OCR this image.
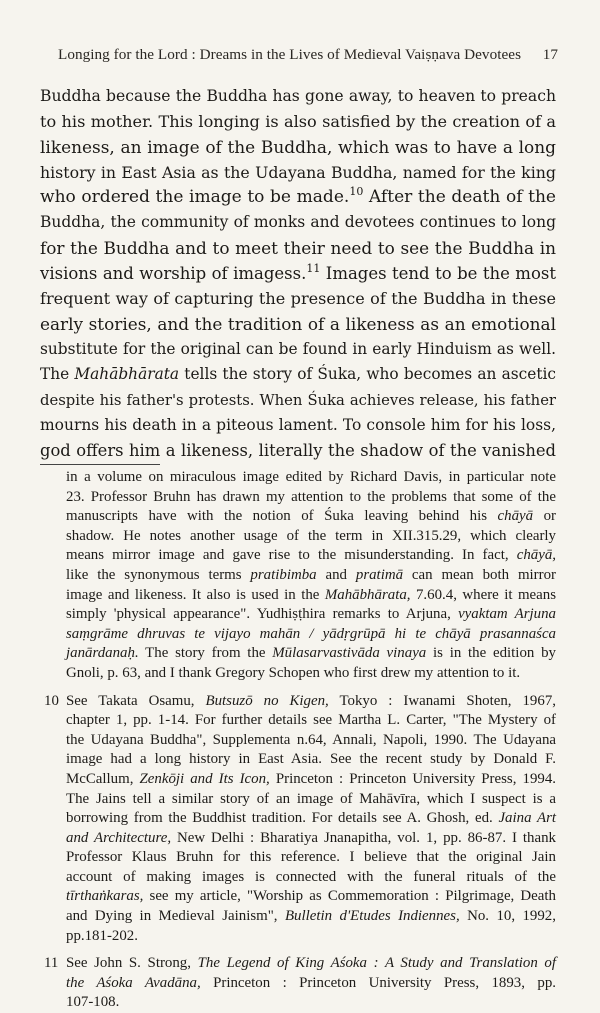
Longing for the Lord : Dreams in the Lives of Medieval Vaiṣṇava Devotees 17
Buddha because the Buddha has gone away, to heaven to preach
to his mother. This longing is also satisfied by the creation of a
likeness, an image of the Buddha, which was to have a long
history in East Asia as the Udayana Buddha, named for the king
who ordered the image to be made.$^{10}$ After the death of the
Buddha, the community of monks and devotees continues to long
for the Buddha and to meet their need to see the Buddha in
visions and worship of imagess.$^{11}$ Images tend to be the most
frequent way of capturing the presence of the Buddha in these
early stories, and the tradition of a likeness as an emotional
substitute for the original can be found in early Hinduism as well.
The Mahābhārata tells the story of Śuka, who becomes an ascetic
despite his father's protests. When Śuka achieves release, his father
mourns his death in a piteous lament. To console him for his loss,
god offers him a likeness, literally the shadow of the vanished
in a volume on miraculous image edited by Richard Davis, in particular note
23. Professor Bruhn has drawn my attention to the problems that some of the
manuscripts have with the notion of Śuka leaving behind his chāyā or
shadow. He notes another usage of the term in XII.315.29, which clearly
means mirror image and gave rise to the misunderstanding. In fact, chāyā,
like the synonymous terms pratibimba and pratimā can mean both mirror
image and likeness. It also is used in the Mahābhārata, 7.60.4, where it means
simply 'physical appearance". Yudhiṣṭhira remarks to Arjuna, vyaktam Arjuna
saṃgrāme dhruvas te vijayo mahān / yādṛgrūpā hi te chāyā prasannaśca
janārdanaḥ. The story from the Mūlasarvastivāda vinaya is in the edition by
Gnoli, p. 63, and I thank Gregory Schopen who first drew my attention to it.
10 See Takata Osamu, Butsuzō no Kigen, Tokyo : Iwanami Shoten, 1967,
chapter 1, pp. 1-14. For further details see Martha L. Carter, "The Mystery of
the Udayana Buddha", Supplementa n.64, Annali, Napoli, 1990. The Udayana
image had a long history in East Asia. See the recent study by Donald F.
McCallum, Zenkōji and Its Icon, Princeton : Princeton University Press, 1994.
The Jains tell a similar story of an image of Mahāvīra, which I suspect is a
borrowing from the Buddhist tradition. For details see A. Ghosh, ed. Jaina Art
and Architecture, New Delhi : Bharatiya Jnanapitha, vol. 1, pp. 86-87. I thank
Professor Klaus Bruhn for this reference. I believe that the original Jain
account of making images is connected with the funeral rituals of the
tīrthaṅkaras, see my article, "Worship as Commemoration : Pilgrimage, Death
and Dying in Medieval Jainism", Bulletin d'Etudes Indiennes, No. 10, 1992,
pp.181-202.
11 See John S. Strong, The Legend of King Aśoka : A Study and Translation of
the Aśoka Avadāna, Princeton : Princeton University Press, 1893, pp.
107-108.
